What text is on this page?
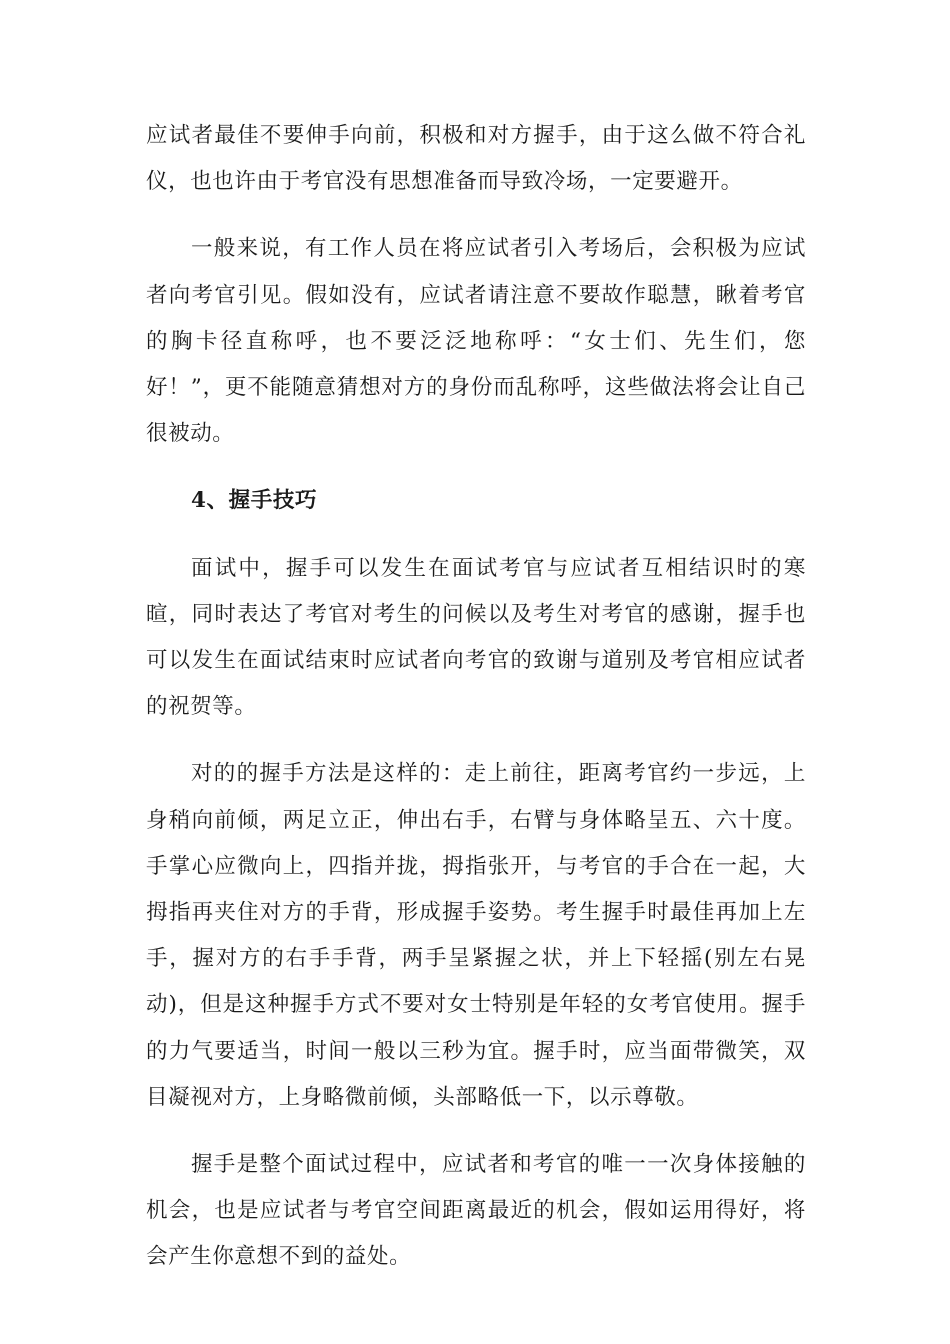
应试者最佳不要伸手向前，积极和对方握手，由于这么做不符合礼仪，也也许由于考官没有思想准备而导致冷场，一定要避开。

一般来说，有工作人员在将应试者引入考场后，会积极为应试者向考官引见。假如没有，应试者请注意不要故作聪慧，瞅着考官的胸卡径直称呼，也不要泛泛地称呼：“女士们、先生们，您好！”，更不能随意猜想对方的身份而乱称呼，这些做法将会让自己很被动。

4、握手技巧

面试中，握手可以发生在面试考官与应试者互相结识时的寒暄，同时表达了考官对考生的问候以及考生对考官的感谢，握手也可以发生在面试结束时应试者向考官的致谢与道别及考官相应试者的祝贺等。

对的的握手方法是这样的：走上前往，距离考官约一步远，上身稍向前倾，两足立正，伸出右手，右臂与身体略呈五、六十度。手掌心应微向上，四指并拢，拇指张开，与考官的手合在一起，大拇指再夹住对方的手背，形成握手姿势。考生握手时最佳再加上左手，握对方的右手手背，两手呈紧握之状，并上下轻摇(别左右晃动)，但是这种握手方式不要对女士特别是年轻的女考官使用。握手的力气要适当，时间一般以三秒为宜。握手时，应当面带微笑，双目凝视对方，上身略微前倾，头部略低一下，以示尊敬。

握手是整个面试过程中，应试者和考官的唯一一次身体接触的机会，也是应试者与考官空间距离最近的机会，假如运用得好，将会产生你意想不到的益处。
